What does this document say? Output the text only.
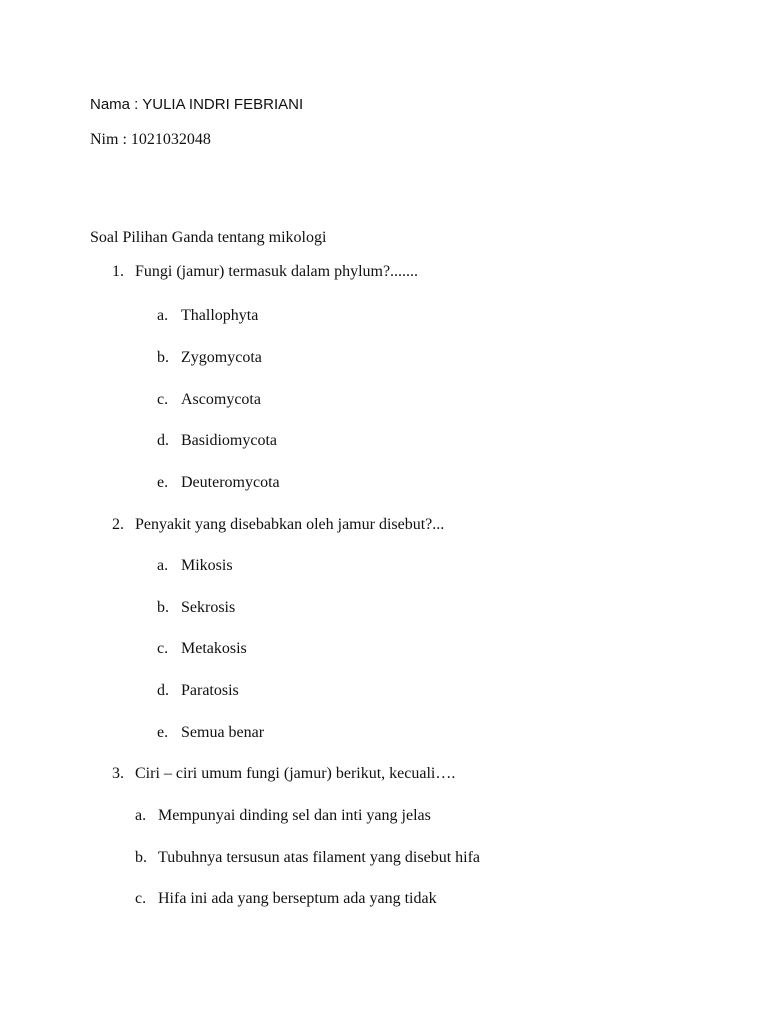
Nama : YULIA INDRI FEBRIANI
Nim : 1021032048
Soal Pilihan Ganda tentang mikologi
1. Fungi (jamur) termasuk dalam phylum?.......
a. Thallophyta
b. Zygomycota
c. Ascomycota
d. Basidiomycota
e. Deuteromycota
2. Penyakit yang disebabkan oleh jamur disebut?...
a. Mikosis
b. Sekrosis
c. Metakosis
d. Paratosis
e. Semua benar
3. Ciri – ciri umum fungi (jamur) berikut, kecuali….
a. Mempunyai dinding sel dan inti yang jelas
b. Tubuhnya tersusun atas filament yang disebut hifa
c. Hifa ini ada yang berseptum ada yang tidak
